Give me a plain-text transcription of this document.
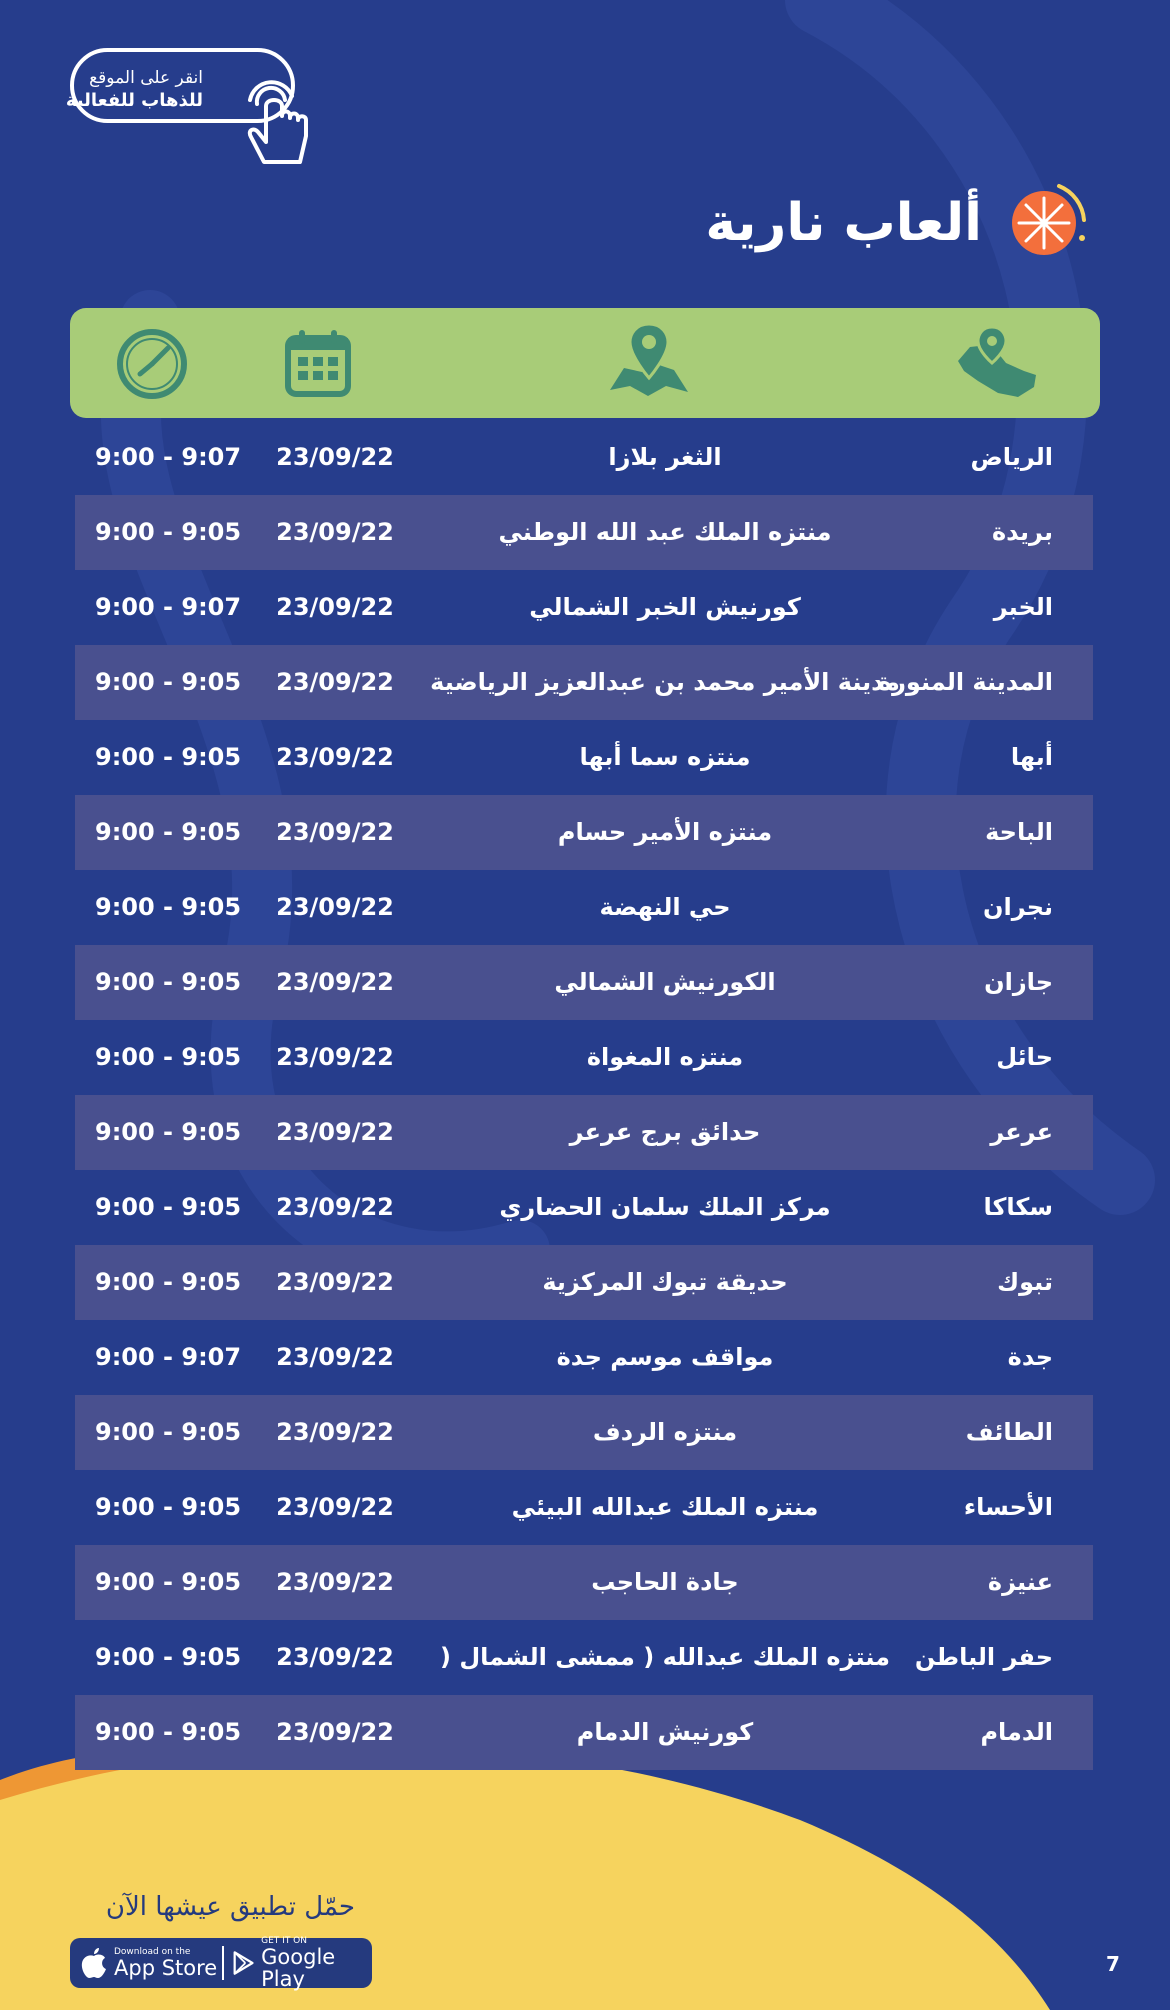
انقر على الموقع
للذهاب للفعالية
ألعاب نارية
الرياض
الثغر بلازا
23/09/22
9:00 - 9:07
بريدة
منتزه الملك عبد الله الوطني
23/09/22
9:00 - 9:05
الخبر
كورنيش الخبر الشمالي
23/09/22
9:00 - 9:07
المدينة المنورة
مدينة الأمير محمد بن عبدالعزيز الرياضية
23/09/22
9:00 - 9:05
أبها
منتزه سما أبها
23/09/22
9:00 - 9:05
الباحة
منتزه الأمير حسام
23/09/22
9:00 - 9:05
نجران
حي النهضة
23/09/22
9:00 - 9:05
جازان
الكورنيش الشمالي
23/09/22
9:00 - 9:05
حائل
منتزه المغواة
23/09/22
9:00 - 9:05
عرعر
حدائق برج عرعر
23/09/22
9:00 - 9:05
سكاكا
مركز الملك سلمان الحضاري
23/09/22
9:00 - 9:05
تبوك
حديقة تبوك المركزية
23/09/22
9:00 - 9:05
جدة
مواقف موسم جدة
23/09/22
9:00 - 9:07
الطائف
منتزه الردف
23/09/22
9:00 - 9:05
الأحساء
منتزه الملك عبدالله البيئي
23/09/22
9:00 - 9:05
عنيزة
جادة الحاجب
23/09/22
9:00 - 9:05
حفر الباطن
منتزه الملك عبدالله ( ممشى الشمال (
23/09/22
9:00 - 9:05
الدمام
كورنيش الدمام
23/09/22
9:00 - 9:05
حمّل تطبيق عيشها الآن
Download on the
App Store
GET IT ON
Google Play
7
